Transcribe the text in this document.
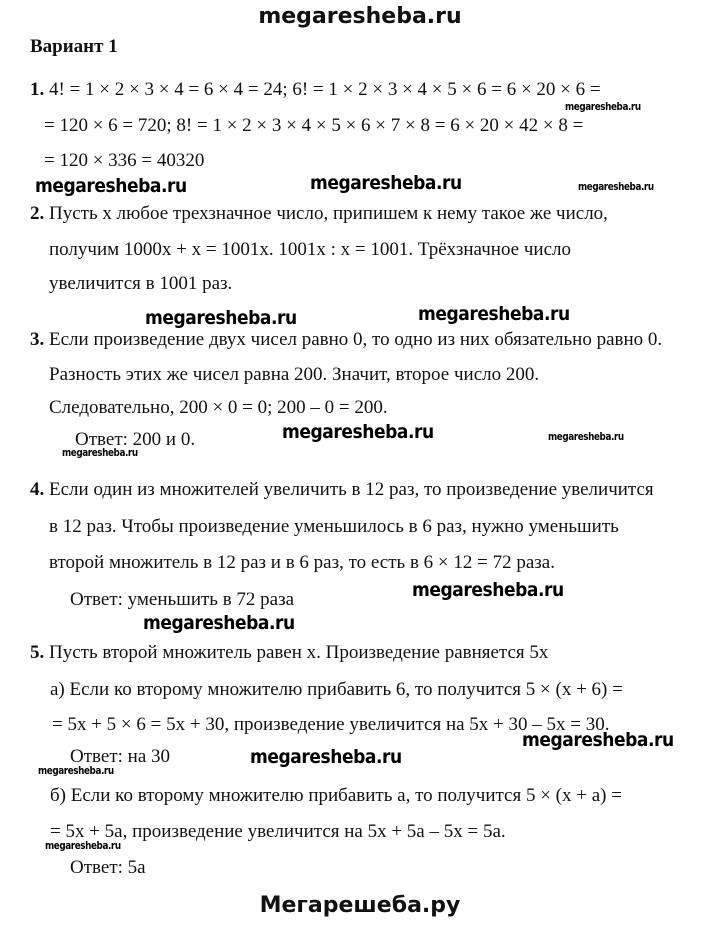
megaresheba.ru
Вариант 1
1. 4! = 1 × 2 × 3 × 4 = 6 × 4 = 24; 6! = 1 × 2 × 3 × 4 × 5 × 6 = 6 × 20 × 6 =
= 120 × 6 = 720; 8! = 1 × 2 × 3 × 4 × 5 × 6 × 7 × 8 = 6 × 20 × 42 × 8 =
= 120 × 336 = 40320
2. Пусть x любое трехзначное число, припишем к нему такое же число,
получим 1000x + x = 1001x. 1001x : x = 1001. Трёхзначное число
увеличится в 1001 раз.
3. Если произведение двух чисел равно 0, то одно из них обязательно равно 0.
Разность этих же чисел равна 200. Значит, второе число 200.
Следовательно, 200 × 0 = 0; 200 – 0 = 200.
Ответ: 200 и 0.
4. Если один из множителей увеличить в 12 раз, то произведение увеличится
в 12 раз. Чтобы произведение уменьшилось в 6 раз, нужно уменьшить
второй множитель в 12 раз и в 6 раз, то есть в 6 × 12 = 72 раза.
Ответ: уменьшить в 72 раза
5. Пусть второй множитель равен x. Произведение равняется 5x
а) Если ко второму множителю прибавить 6, то получится 5 × (x + 6) =
= 5x + 5 × 6 = 5x + 30, произведение увеличится на 5x + 30 – 5x = 30.
Ответ: на 30
б) Если ко второму множителю прибавить a, то получится 5 × (x + a) =
= 5x + 5a, произведение увеличится на 5x + 5a – 5x = 5a.
Ответ: 5a
megaresheba.ru
megaresheba.ru	megaresheba.ru	megaresheba.ru
megaresheba.ru	megaresheba.ru
megaresheba.ru	megaresheba.ru
megaresheba.ru
megaresheba.ru
megaresheba.ru
megaresheba.ru
megaresheba.ru
megaresheba.ru
megaresheba.ru
Мегарешеба.ру
